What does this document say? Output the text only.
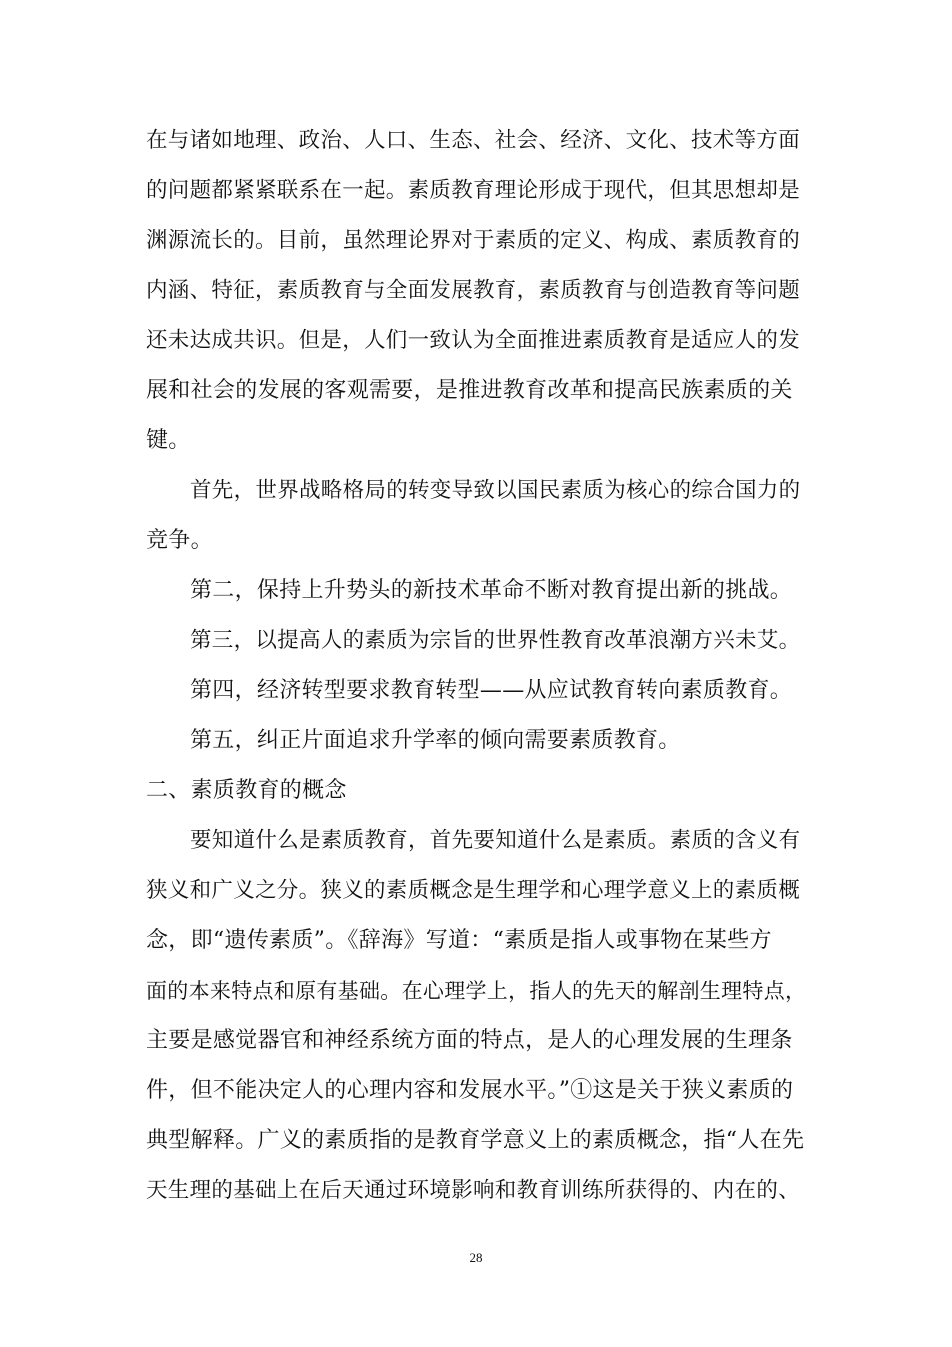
在与诸如地理、政治、人口、生态、社会、经济、文化、技术等方面
的问题都紧紧联系在一起。素质教育理论形成于现代，但其思想却是
渊源流长的。目前，虽然理论界对于素质的定义、构成、素质教育的
内涵、特征，素质教育与全面发展教育，素质教育与创造教育等问题
还未达成共识。但是，人们一致认为全面推进素质教育是适应人的发
展和社会的发展的客观需要，是推进教育改革和提高民族素质的关
键。
首先，世界战略格局的转变导致以国民素质为核心的综合国力的
竞争。
第二，保持上升势头的新技术革命不断对教育提出新的挑战。
第三，以提高人的素质为宗旨的世界性教育改革浪潮方兴未艾。
第四，经济转型要求教育转型——从应试教育转向素质教育。
第五，纠正片面追求升学率的倾向需要素质教育。
二、素质教育的概念
要知道什么是素质教育，首先要知道什么是素质。素质的含义有
狭义和广义之分。狭义的素质概念是生理学和心理学意义上的素质概
念，即“遗传素质”。《辞海》写道：“素质是指人或事物在某些方
面的本来特点和原有基础。在心理学上，指人的先天的解剖生理特点，
主要是感觉器官和神经系统方面的特点，是人的心理发展的生理条
件，但不能决定人的心理内容和发展水平。”①这是关于狭义素质的
典型解释。广义的素质指的是教育学意义上的素质概念，指“人在先
天生理的基础上在后天通过环境影响和教育训练所获得的、内在的、
28
